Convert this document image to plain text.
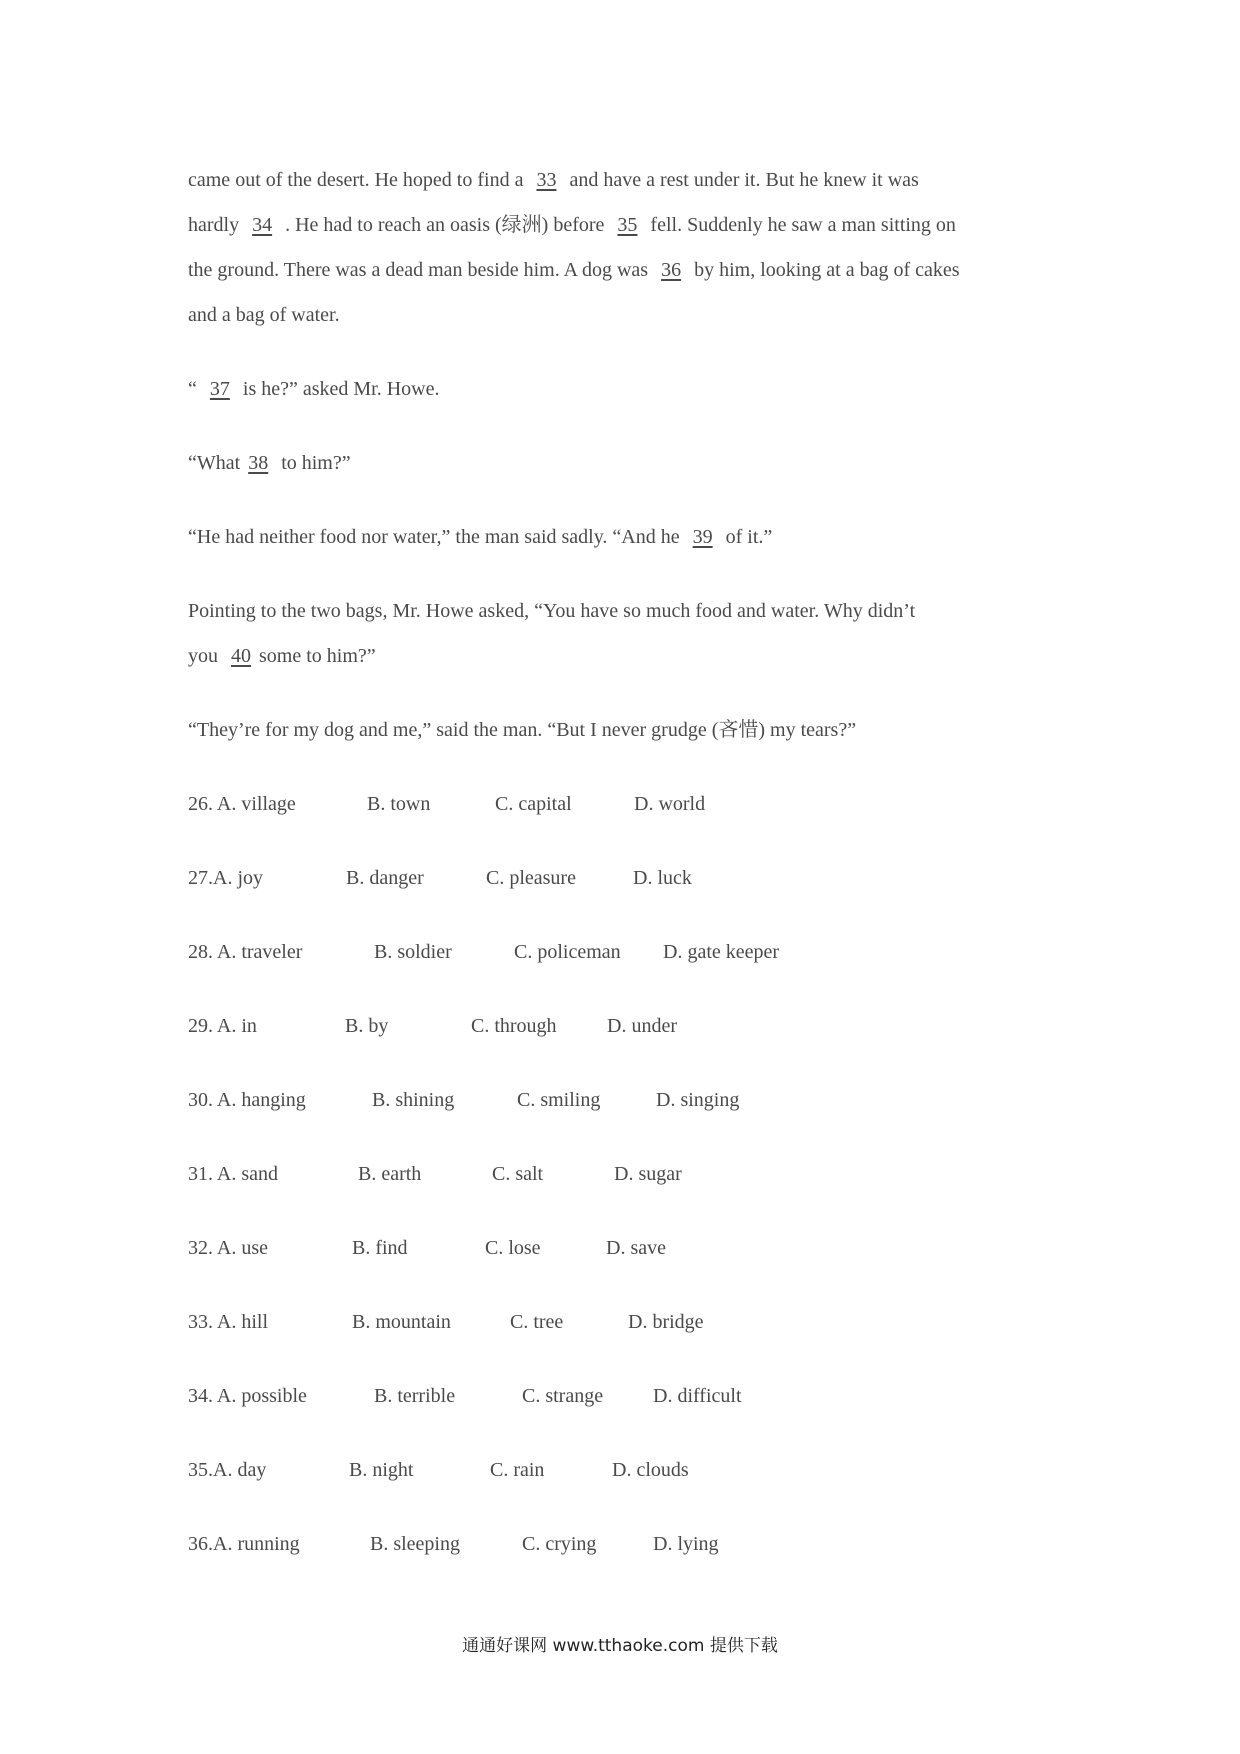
came out of the desert. He hoped to find a 33 and have a rest under it. But he knew it was
hardly 34 . He had to reach an oasis (绿洲) before 35 fell. Suddenly he saw a man sitting on
the ground. There was a dead man beside him. A dog was 36 by him, looking at a bag of cakes
and a bag of water.
“ 37 is he?” asked Mr. Howe.
“What 38 to him?”
“He had neither food nor water,” the man said sadly. “And he 39 of it.”
Pointing to the two bags, Mr. Howe asked, “You have so much food and water. Why didn’t
you 40 some to him?”
“They’re for my dog and me,” said the man. “But I never grudge (吝惜) my tears?”
26. A. village	B. town	C. capital	D. world
27.A. joy	B. danger	C. pleasure	D. luck
28. A. traveler	B. soldier	C. policeman D. gate keeper
29. A. in	B. by	C. through	D. under
30. A. hanging	B. shining	C. smiling	D. singing
31. A. sand	B. earth	C. salt	D. sugar
32. A. use	B. find	C. lose	D. save
33. A. hill	B. mountain	C. tree	D. bridge
34. A. possible	B. terrible	C. strange D. difficult
35.A. day	B. night	C. rain	D. clouds
36.A. running	B. sleeping	C. crying	D. lying
通通好课网 www.tthaoke.com 提供下载
